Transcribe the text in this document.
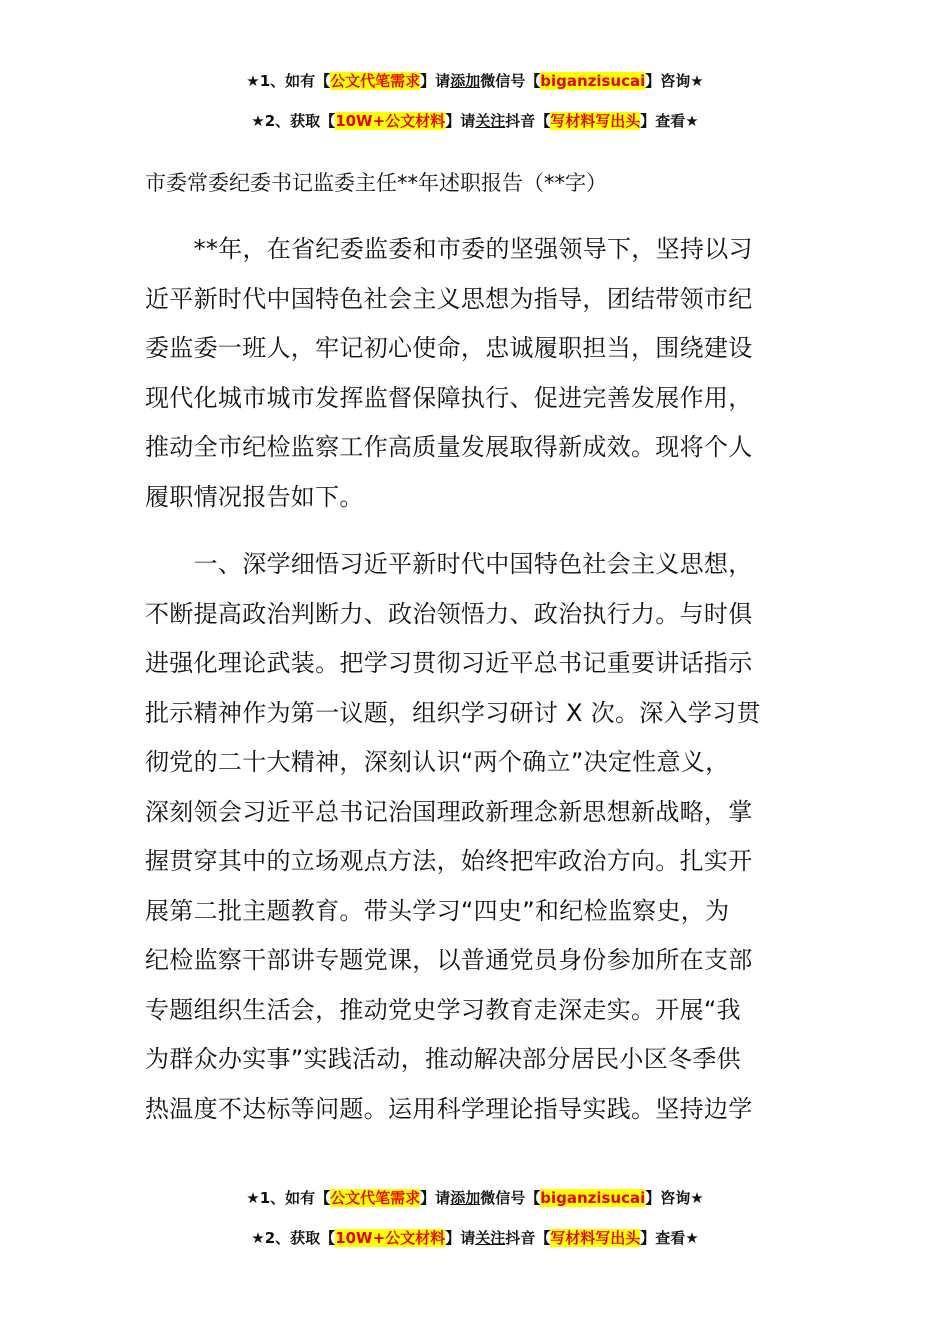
★1、如有【公文代笔需求】请添加微信号【biganzisucai】咨询★
★2、获取【10W+公文材料】请关注抖音【写材料写出头】查看★
市委常委纪委书记监委主任**年述职报告（**字）
　　**年，在省纪委监委和市委的坚强领导下，坚持以习
近平新时代中国特色社会主义思想为指导，团结带领市纪
委监委一班人，牢记初心使命，忠诚履职担当，围绕建设
现代化城市城市发挥监督保障执行、促进完善发展作用，
推动全市纪检监察工作高质量发展取得新成效。现将个人
履职情况报告如下。
　　一、深学细悟习近平新时代中国特色社会主义思想，
不断提高政治判断力、政治领悟力、政治执行力。与时俱
进强化理论武装。把学习贯彻习近平总书记重要讲话指示
批示精神作为第一议题，组织学习研讨 X 次。深入学习贯
彻党的二十大精神，深刻认识“两个确立”决定性意义，
深刻领会习近平总书记治国理政新理念新思想新战略，掌
握贯穿其中的立场观点方法，始终把牢政治方向。扎实开
展第二批主题教育。带头学习“四史”和纪检监察史，为
纪检监察干部讲专题党课，以普通党员身份参加所在支部
专题组织生活会，推动党史学习教育走深走实。开展“我
为群众办实事”实践活动，推动解决部分居民小区冬季供
热温度不达标等问题。运用科学理论指导实践。坚持边学
★1、如有【公文代笔需求】请添加微信号【biganzisucai】咨询★
★2、获取【10W+公文材料】请关注抖音【写材料写出头】查看★
